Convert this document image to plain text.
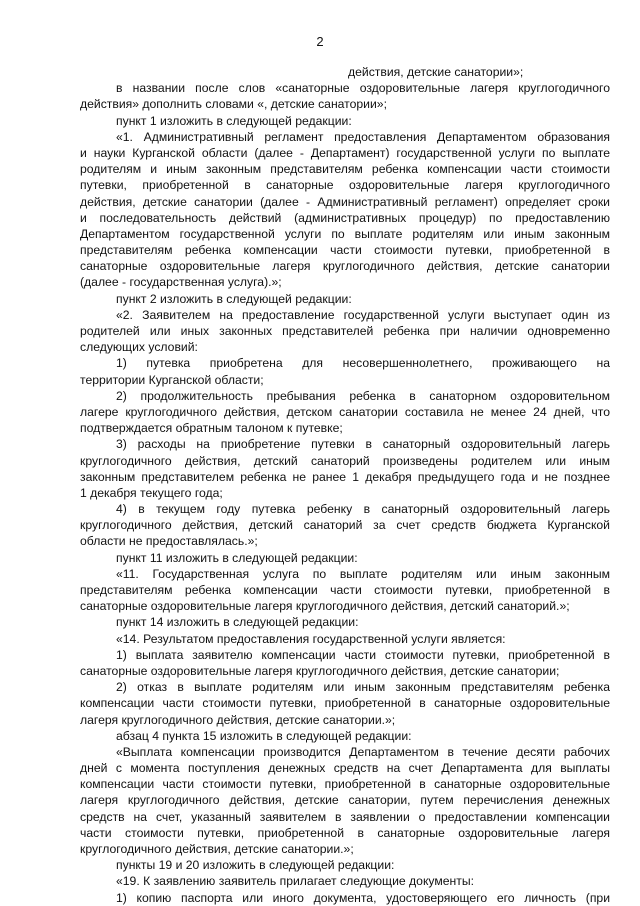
2
действия, детские санатории»;
в названии после слов «санаторные оздоровительные лагеря круглогодичного
действия» дополнить словами «, детские санатории»;
пункт 1 изложить в следующей редакции:
«1. Административный регламент предоставления Департаментом образования
и науки Курганской области (далее - Департамент) государственной услуги по выплате
родителям и иным законным представителям ребенка компенсации части стоимости
путевки, приобретенной в санаторные оздоровительные лагеря круглогодичного
действия, детские санатории (далее - Административный регламент) определяет сроки
и последовательность действий (административных процедур) по предоставлению
Департаментом государственной услуги по выплате родителям или иным законным
представителям ребенка компенсации части стоимости путевки, приобретенной в
санаторные оздоровительные лагеря круглогодичного действия, детские санатории
(далее - государственная услуга).»;
пункт 2 изложить в следующей редакции:
«2. Заявителем на предоставление государственной услуги выступает один из
родителей или иных законных представителей ребенка при наличии одновременно
следующих условий:
1) путевка приобретена для несовершеннолетнего, проживающего на
территории Курганской области;
2) продолжительность пребывания ребенка в санаторном оздоровительном
лагере круглогодичного действия, детском санатории составила не менее 24 дней, что
подтверждается обратным талоном к путевке;
3) расходы на приобретение путевки в санаторный оздоровительный лагерь
круглогодичного действия, детский санаторий произведены родителем или иным
законным представителем ребенка не ранее 1 декабря предыдущего года и не позднее
1 декабря текущего года;
4) в текущем году путевка ребенку в санаторный оздоровительный лагерь
круглогодичного действия, детский санаторий за счет средств бюджета Курганской
области не предоставлялась.»;
пункт 11 изложить в следующей редакции:
«11. Государственная услуга по выплате родителям или иным законным
представителям ребенка компенсации части стоимости путевки, приобретенной в
санаторные оздоровительные лагеря круглогодичного действия, детский санаторий.»;
пункт 14 изложить в следующей редакции:
«14. Результатом предоставления государственной услуги является:
1) выплата заявителю компенсации части стоимости путевки, приобретенной в
санаторные оздоровительные лагеря круглогодичного действия, детские санатории;
2) отказ в выплате родителям или иным законным представителям ребенка
компенсации части стоимости путевки, приобретенной в санаторные оздоровительные
лагеря круглогодичного действия, детские санатории.»;
абзац 4 пункта 15 изложить в следующей редакции:
«Выплата компенсации производится Департаментом в течение десяти рабочих
дней с момента поступления денежных средств на счет Департамента для выплаты
компенсации части стоимости путевки, приобретенной в санаторные оздоровительные
лагеря круглогодичного действия, детские санатории, путем перечисления денежных
средств на счет, указанный заявителем в заявлении о предоставлении компенсации
части стоимости путевки, приобретенной в санаторные оздоровительные лагеря
круглогодичного действия, детские санатории.»;
пункты 19 и 20 изложить в следующей редакции:
«19. К заявлению заявитель прилагает следующие документы:
1) копию паспорта или иного документа, удостоверяющего его личность (при
